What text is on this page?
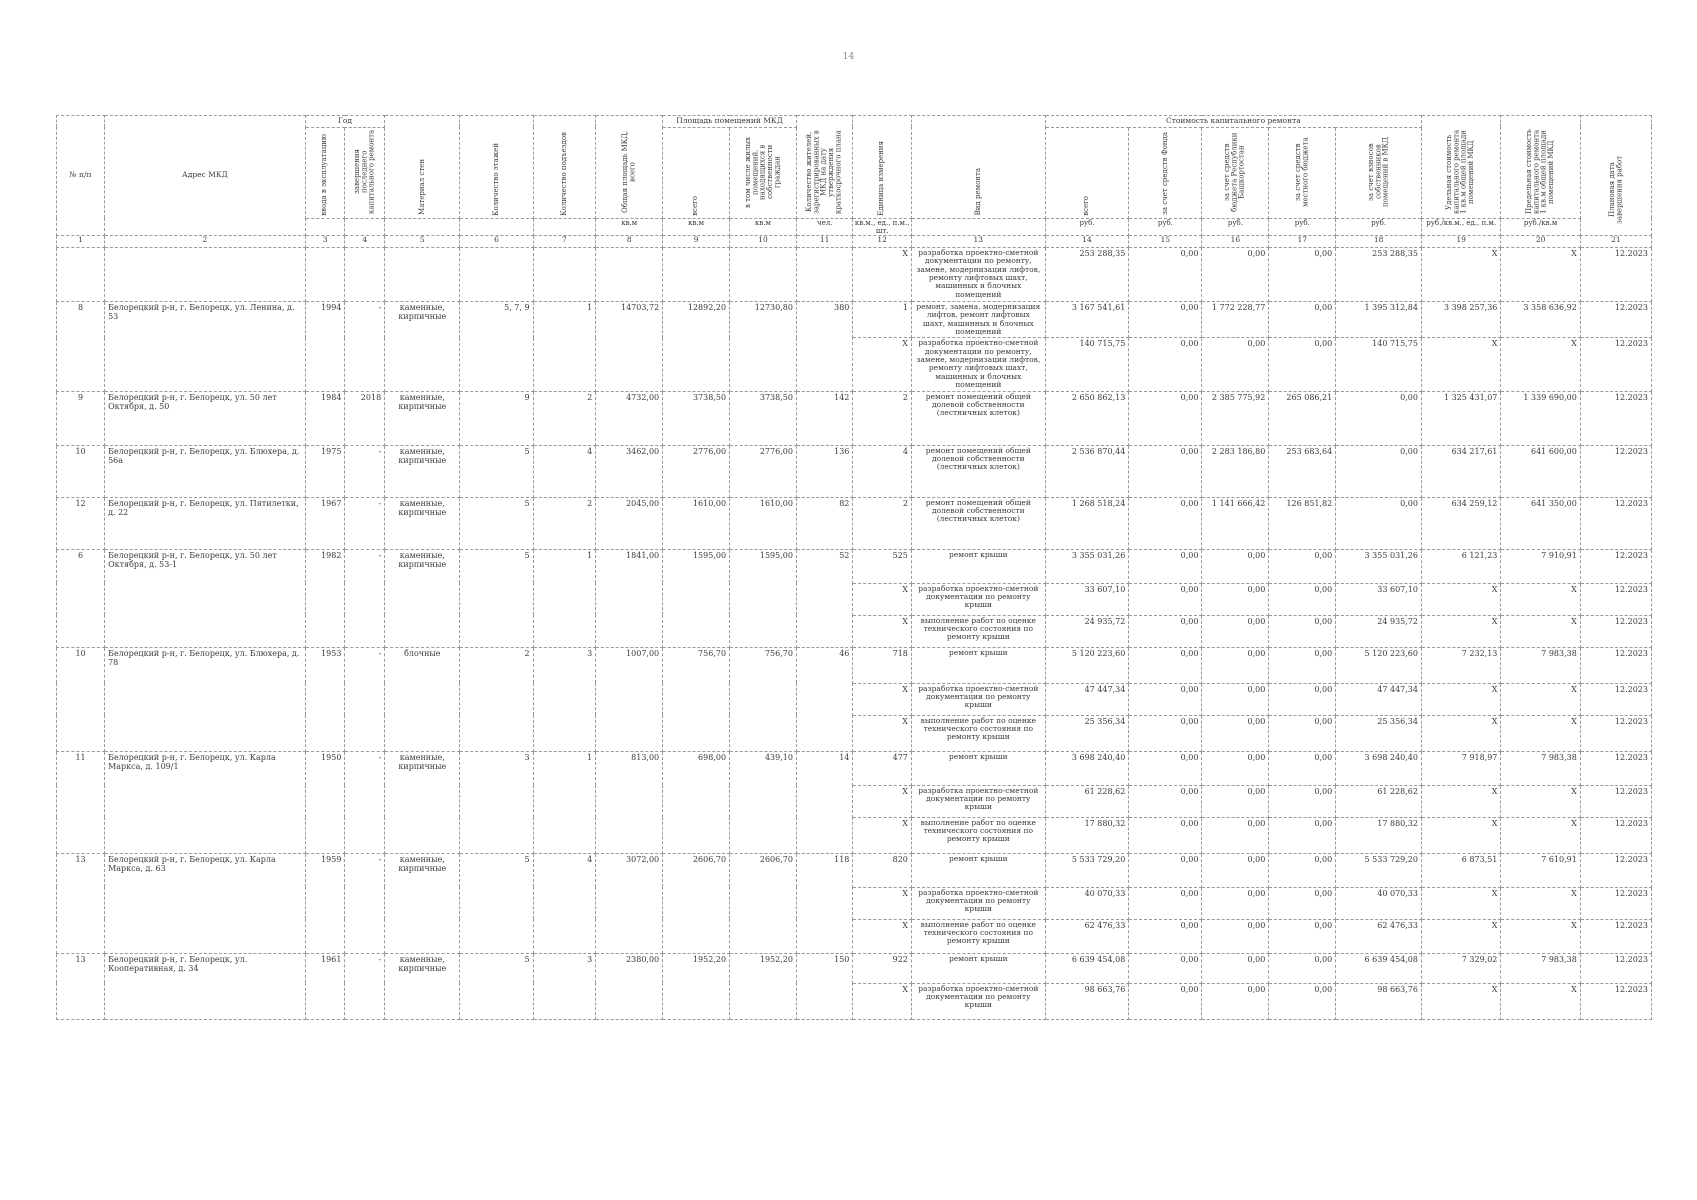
14
№ п/п	Адрес МКД	Год		Материал стен	Количество этажей	Количество подъездов	Общая площадь МКД, всего	Площадь помещений МКД		Количество жителей, зарегистрированных в МКД на дату утверждения краткосрочного плана	Единица измерения	Вид ремонта	Стоимость капитального ремонта					Удельная стоимость капитального ремонта 1 кв.м общей площади помещений МКД	Предельная стоимость капитального ремонта 1 кв.м общей площади помещений МКД	Плановая дата завершения работ
		ввода в эксплуатацию	завершения последнего капитального ремонта					всего	в том числе жилых помещений, находящихся в собственности граждан				всего	за счет средств Фонда	за счет средств бюджета Республики Башкортостан	за счет средств местного бюджета	за счет взносов собственников помещений в МКД			
							кв.м	кв.м	кв.м	чел.	кв.м., ед., п.м., шт.		руб.	руб.	руб.	руб.	руб.	руб./кв.м., ед., п.м.	руб./кв.м	
1	2	3	4	5	6	7	8	9	10	11	12	13	14	15	16	17	18	19	20	21
											X	разработка проектно-сметной документации по ремонту, замене, модернизации лифтов, ремонту лифтовых шахт, машинных и блочных помещений	253 288,35	0,00	0,00	0,00	253 288,35	X	X	12.2023
8	Белорецкий р-н, г. Белорецк, ул. Ленина, д. 53	1994	-	каменные, кирпичные	5, 7, 9	1	14703,72	12892,20	12730,80	380	1	ремонт, замена, модернизация лифтов, ремонт лифтовых шахт, машинных и блочных помещений	3 167 541,61	0,00	1 772 228,77	0,00	1 395 312,84	3 398 257,36	3 358 636,92	12.2023
											X	разработка проектно-сметной документации по ремонту, замене, модернизации лифтов, ремонту лифтовых шахт, машинных и блочных помещений	140 715,75	0,00	0,00	0,00	140 715,75	X	X	12.2023
9	Белорецкий р-н, г. Белорецк, ул. 50 лет Октября, д. 50	1984	2018	каменные, кирпичные	9	2	4732,00	3738,50	3738,50	142	2	ремонт помещений общей долевой собственности (лестничных клеток)	2 650 862,13	0,00	2 385 775,92	265 086,21	0,00	1 325 431,07	1 339 690,00	12.2023
10	Белорецкий р-н, г. Белорецк, ул. Блюхера, д. 56а	1975	-	каменные, кирпичные	5	4	3462,00	2776,00	2776,00	136	4	ремонт помещений общей долевой собственности (лестничных клеток)	2 536 870,44	0,00	2 283 186,80	253 683,64	0,00	634 217,61	641 600,00	12.2023
12	Белорецкий р-н, г. Белорецк, ул. Пятилетки, д. 22	1967	-	каменные, кирпичные	5	2	2045,00	1610,00	1610,00	82	2	ремонт помещений общей долевой собственности (лестничных клеток)	1 268 518,24	0,00	1 141 666,42	126 851,82	0,00	634 259,12	641 350,00	12.2023
6	Белорецкий р-н, г. Белорецк, ул. 50 лет Октября, д. 53-1	1982	-	каменные, кирпичные	5	1	1841,00	1595,00	1595,00	52	525	ремонт крыши	3 355 031,26	0,00	0,00	0,00	3 355 031,26	6 121,23	7 910,91	12.2023
											X	разработка проектно-сметной документации по ремонту крыши	33 607,10	0,00	0,00	0,00	33 607,10	X	X	12.2023
											X	выполнение работ по оценке технического состояния по ремонту крыши	24 935,72	0,00	0,00	0,00	24 935,72	X	X	12.2023
10	Белорецкий р-н, г. Белорецк, ул. Блюхера, д. 78	1953	-	блочные	2	3	1007,00	756,70	756,70	46	718	ремонт крыши	5 120 223,60	0,00	0,00	0,00	5 120 223,60	7 232,13	7 983,38	12.2023
											X	разработка проектно-сметной документации по ремонту крыши	47 447,34	0,00	0,00	0,00	47 447,34	X	X	12.2023
											X	выполнение работ по оценке технического состояния по ремонту крыши	25 356,34	0,00	0,00	0,00	25 356,34	X	X	12.2023
11	Белорецкий р-н, г. Белорецк, ул. Карла Маркса, д. 109/1	1950	-	каменные, кирпичные	3	1	813,00	698,00	439,10	14	477	ремонт крыши	3 698 240,40	0,00	0,00	0,00	3 698 240,40	7 918,97	7 983,38	12.2023
											X	разработка проектно-сметной документации по ремонту крыши	61 228,62	0,00	0,00	0,00	61 228,62	X	X	12.2023
											X	выполнение работ по оценке технического состояния по ремонту крыши	17 880,32	0,00	0,00	0,00	17 880,32	X	X	12.2023
13	Белорецкий р-н, г. Белорецк, ул. Карла Маркса, д. 63	1959	-	каменные, кирпичные	5	4	3072,00	2606,70	2606,70	118	820	ремонт крыши	5 533 729,20	0,00	0,00	0,00	5 533 729,20	6 873,51	7 610,91	12.2023
											X	разработка проектно-сметной документации по ремонту крыши	40 070,33	0,00	0,00	0,00	40 070,33	X	X	12.2023
											X	выполнение работ по оценке технического состояния по ремонту крыши	62 476,33	0,00	0,00	0,00	62 476,33	X	X	12.2023
13	Белорецкий р-н, г. Белорецк, ул. Кооперативная, д. 34	1961	-	каменные, кирпичные	5	3	2380,00	1952,20	1952,20	150	922	ремонт крыши	6 639 454,08	0,00	0,00	0,00	6 639 454,08	7 329,02	7 983,38	12.2023
											X	разработка проектно-сметной документации по ремонту крыши	98 663,76	0,00	0,00	0,00	98 663,76	X	X	12.2023
